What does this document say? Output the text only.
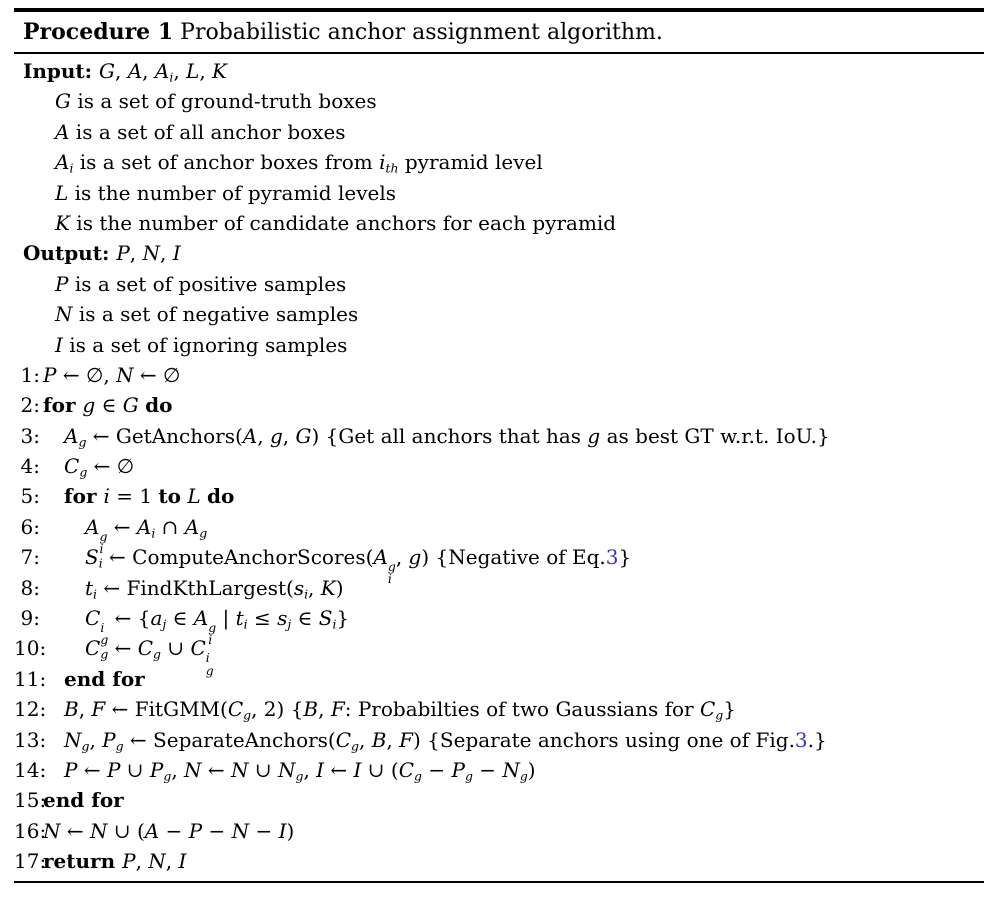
Procedure 1 Probabilistic anchor assignment algorithm.
Input: G, A, $A_i$, L, K
G is a set of ground-truth boxes
A is a set of all anchor boxes
$A_i$ is a set of anchor boxes from $i_{th}$ pyramid level
L is the number of pyramid levels
K is the number of candidate anchors for each pyramid
Output: P, N, I
P is a set of positive samples
N is a set of negative samples
I is a set of ignoring samples
1: P ← ∅, N ← ∅
2: for g ∈ G do
3:	$A_g$ ← GetAnchors(A, g, G) {Get all anchors that has g as best GT w.r.t. IoU.}
4:	$C_g$ ← ∅
5:	for i = 1 to L do
6:	A g
i
← $A_i$ ∩ $A_g$
7:	$S_i$ ← ComputeAnchorScores(A g
i
, g) {Negative of Eq.3}
8:	$t_i$ ← $FindKthLargest(s_i$, K)
9:	C i
g
← {$a_j$ ∈ A g
i
| $t_i \le s_j$ ∈ $S_i$}
10:	$C_g$ ← $C_g$ ∪ C i
g
11: end for
12: B, F ← $FitGMM(C_g$, 2) {B, F: Probabilties of two Gaussians for $C_g$}
13: $N_g$, $P_g$ ← $SeparateAnchors(C_g$, B, F) {Separate anchors using one of Fig.3.}
14: P ← P ∪ $P_g$, N ← N ∪ $N_g$, I ← I ∪ $(C_g - P_g - N_g)$
15:
end for
16:
N ← N ∪ (A − P − N − I)
17:
return P, N, I
